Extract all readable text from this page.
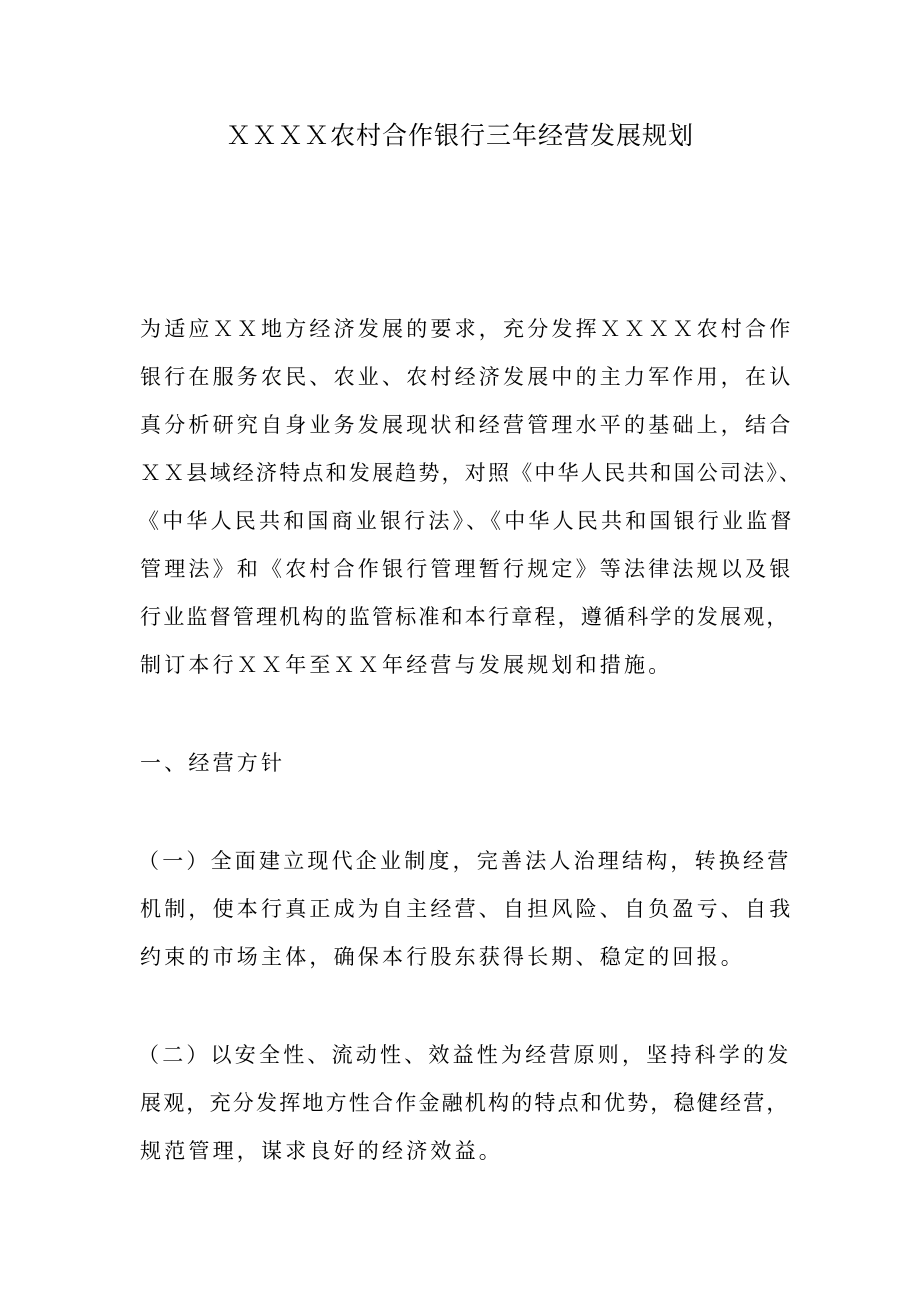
ＸＸＸＸ农村合作银行三年经营发展规划
为适应ＸＸ地方经济发展的要求，充分发挥ＸＸＸＸ农村合作
银行在服务农民、农业、农村经济发展中的主力军作用，在认
真分析研究自身业务发展现状和经营管理水平的基础上，结合
ＸＸ县域经济特点和发展趋势，对照《中华人民共和国公司法》、
《中华人民共和国商业银行法》、《中华人民共和国银行业监督
管理法》和《农村合作银行管理暂行规定》等法律法规以及银
行业监督管理机构的监管标准和本行章程，遵循科学的发展观，
制订本行ＸＸ年至ＸＸ年经营与发展规划和措施。
一、经营方针
（一）全面建立现代企业制度，完善法人治理结构，转换经营
机制，使本行真正成为自主经营、自担风险、自负盈亏、自我
约束的市场主体，确保本行股东获得长期、稳定的回报。
（二）以安全性、流动性、效益性为经营原则，坚持科学的发
展观，充分发挥地方性合作金融机构的特点和优势，稳健经营，
规范管理，谋求良好的经济效益。
